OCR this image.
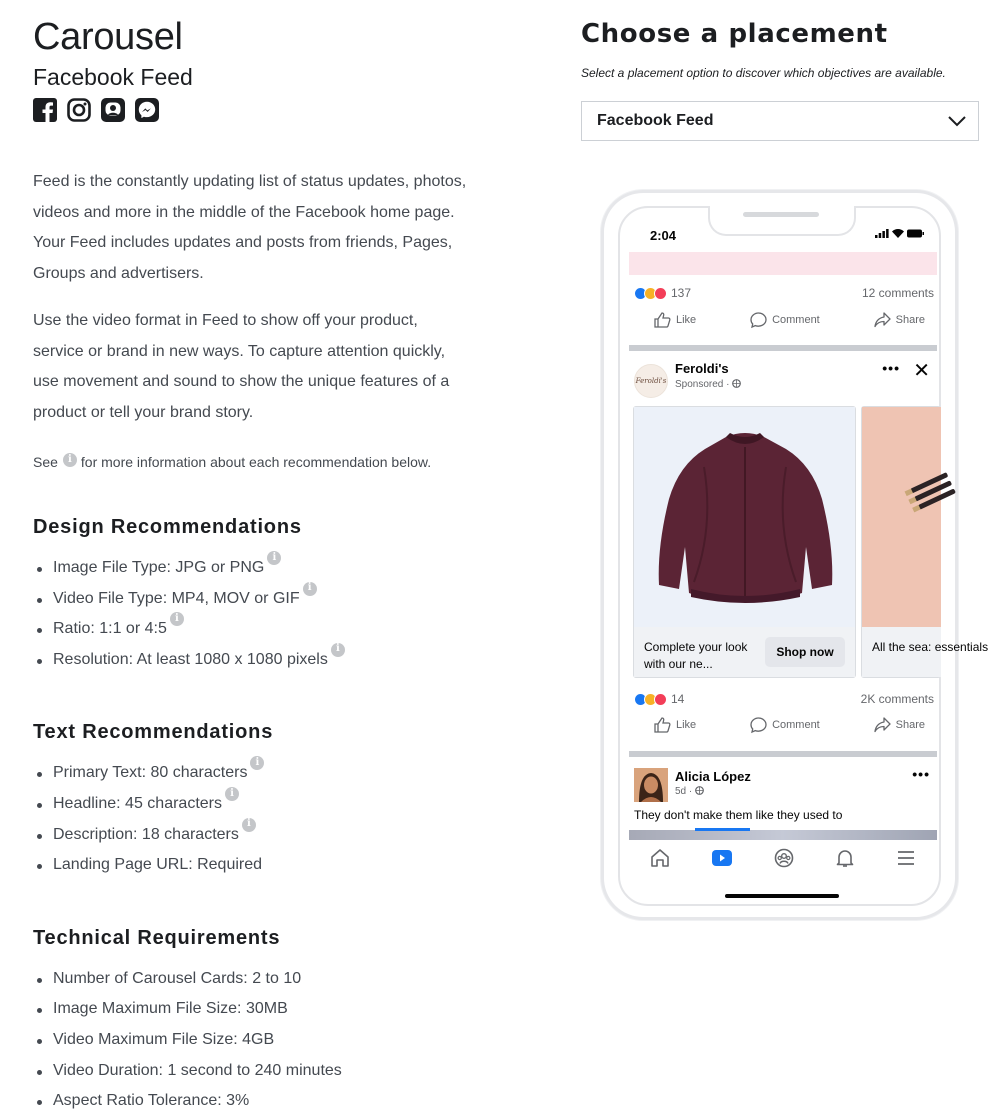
Carousel
Facebook Feed
Feed is the constantly updating list of status updates, photos,
videos and more in the middle of the Facebook home page.
Your Feed includes updates and posts from friends, Pages,
Groups and advertisers.
Use the video format in Feed to show off your product,
service or brand in new ways. To capture attention quickly,
use movement and sound to show the unique features of a
product or tell your brand story.
See	i for more information about each recommendation below.
Design Recommendations
Image File Type: JPG or PNGi
Video File Type: MP4, MOV or GIFi
Ratio: 1:1 or 4:5i
Resolution: At least 1080 x 1080 pixelsi
Text Recommendations
Primary Text: 80 charactersi
Headline: 45 charactersi
Description: 18 charactersi
Landing Page URL: Required
Technical Requirements
Number of Carousel Cards: 2 to 10
Image Maximum File Size: 30MB
Video Maximum File Size: 4GB
Video Duration: 1 second to 240 minutes
Aspect Ratio Tolerance: 3%
Choose a placement
Select a placement option to discover which objectives are available.
Facebook Feed
2:04
137	12 comments
Like	Comment	Share
Feroldi's
Feroldi's
Sponsored ·
••• ✕
Complete your look with our ne...
Shop now	All the sea: essentials
14	2K comments
Like	Comment	Share
Alicia López
5d ·
•••
They don't make them like they used to
